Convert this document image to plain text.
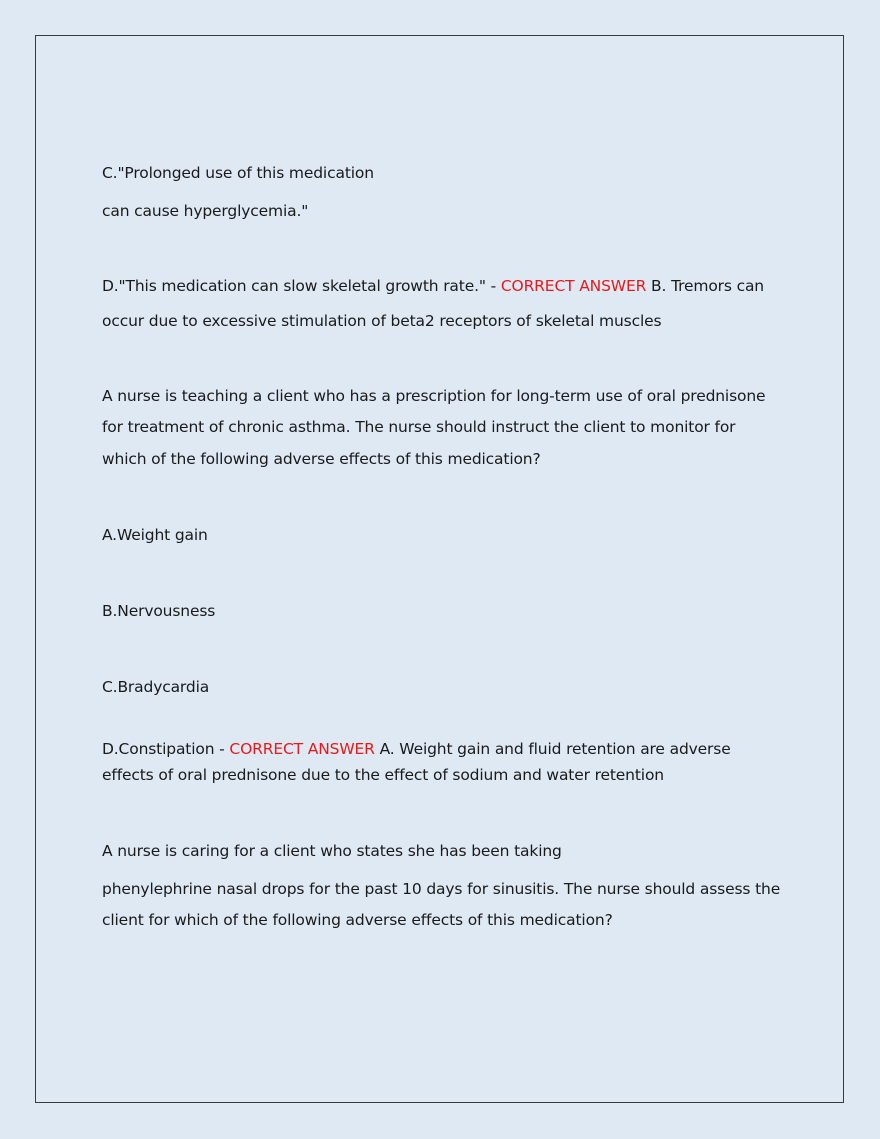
C."Prolonged use of this medication
can cause hyperglycemia."
D."This medication can slow skeletal growth rate." - CORRECT ANSWER B. Tremors can
occur due to excessive stimulation of beta2 receptors of skeletal muscles
A nurse is teaching a client who has a prescription for long-term use of oral prednisone
for treatment of chronic asthma. The nurse should instruct the client to monitor for
which of the following adverse effects of this medication?
A.Weight gain
B.Nervousness
C.Bradycardia
D.Constipation - CORRECT ANSWER A. Weight gain and fluid retention are adverse
effects of oral prednisone due to the effect of sodium and water retention
A nurse is caring for a client who states she has been taking
phenylephrine nasal drops for the past 10 days for sinusitis. The nurse should assess the
client for which of the following adverse effects of this medication?
